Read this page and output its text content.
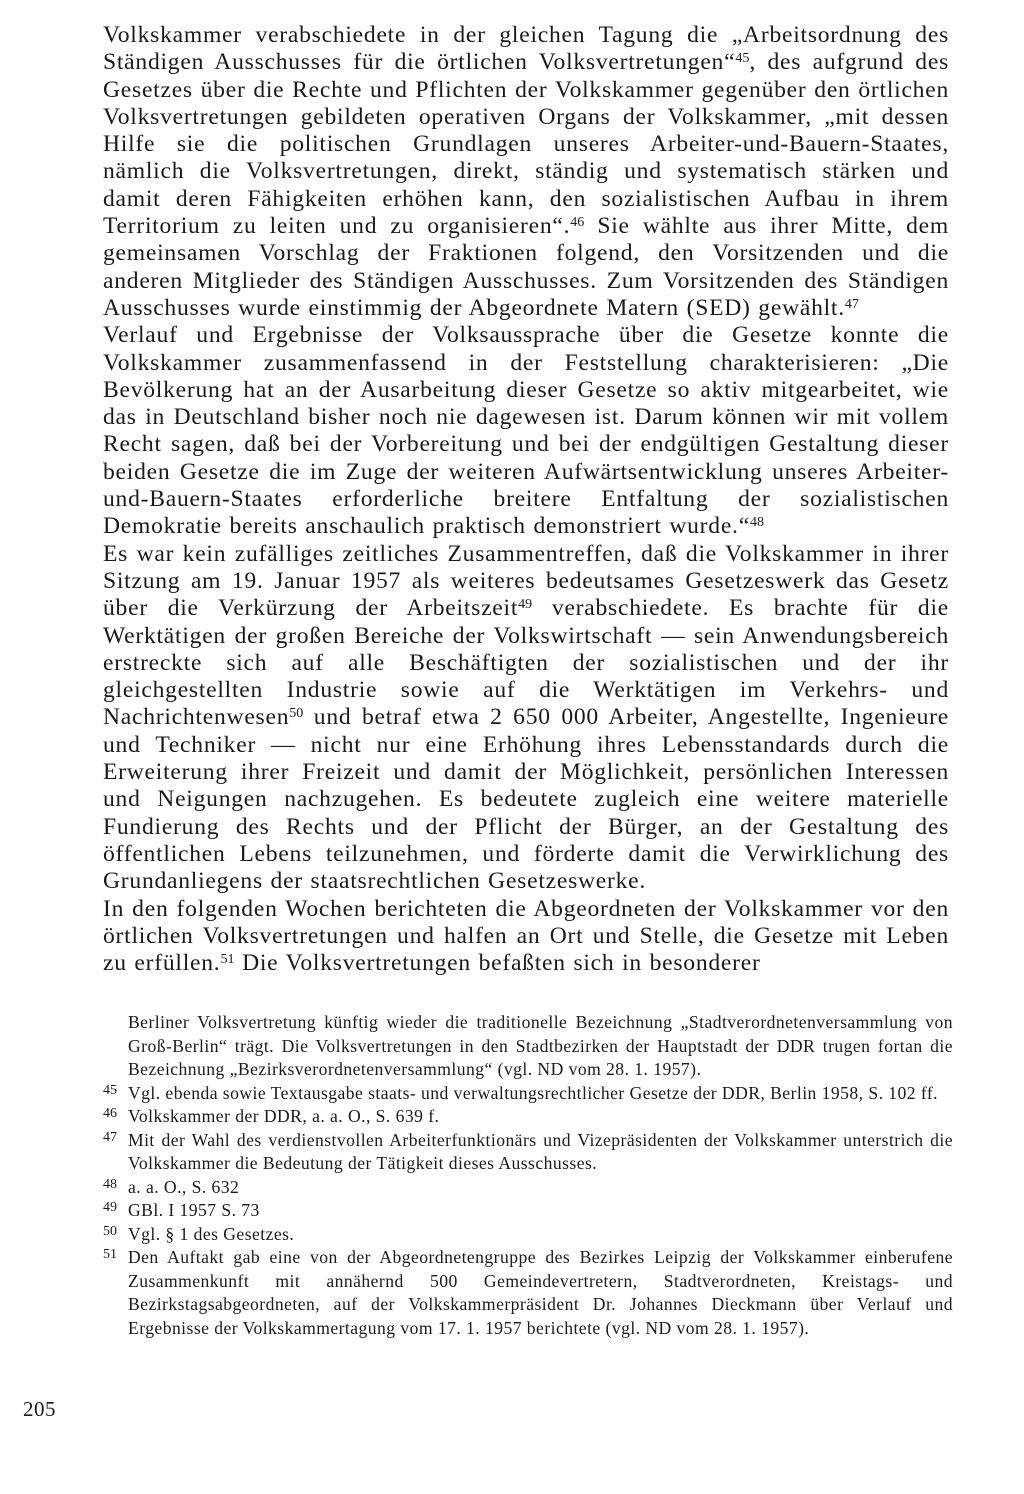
Volkskammer verabschiedete in der gleichen Tagung die „Arbeitsordnung des Ständigen Ausschusses für die örtlichen Volksvertretungen“$^{45}$, des aufgrund des Gesetzes über die Rechte und Pflichten der Volkskammer gegenüber den örtlichen Volksvertretungen gebildeten operativen Organs der Volkskammer, „mit dessen Hilfe sie die politischen Grundlagen unseres Arbeiter-und-Bauern-Staates, nämlich die Volksvertretungen, direkt, ständig und systematisch stärken und damit deren Fähigkeiten erhöhen kann, den sozialistischen Aufbau in ihrem Territorium zu leiten und zu organisieren“.$^{46}$ Sie wählte aus ihrer Mitte, dem gemeinsamen Vorschlag der Fraktionen folgend, den Vorsitzenden und die anderen Mitglieder des Ständigen Ausschusses. Zum Vorsitzenden des Ständigen Ausschusses wurde einstimmig der Abgeordnete Matern (SED) gewählt.$^{47}$

Verlauf und Ergebnisse der Volksaussprache über die Gesetze konnte die Volkskammer zusammenfassend in der Feststellung charakterisieren: „Die Bevölkerung hat an der Ausarbeitung dieser Gesetze so aktiv mitgearbeitet, wie das in Deutschland bisher noch nie dagewesen ist. Darum können wir mit vollem Recht sagen, daß bei der Vorbereitung und bei der endgültigen Gestaltung dieser beiden Gesetze die im Zuge der weiteren Aufwärtsentwicklung unseres Arbeiter-und-Bauern-Staates erforderliche breitere Entfaltung der sozialistischen Demokratie bereits anschaulich praktisch demonstriert wurde.“$^{48}$

Es war kein zufälliges zeitliches Zusammentreffen, daß die Volkskammer in ihrer Sitzung am 19. Januar 1957 als weiteres bedeutsames Gesetzeswerk das Gesetz über die Verkürzung der Arbeitszeit$^{49}$ verabschiedete. Es brachte für die Werktätigen der großen Bereiche der Volkswirtschaft — sein Anwendungsbereich erstreckte sich auf alle Beschäftigten der sozialistischen und der ihr gleichgestellten Industrie sowie auf die Werktätigen im Verkehrs- und Nachrichtenwesen$^{50}$ und betraf etwa 2 650 000 Arbeiter, Angestellte, Ingenieure und Techniker — nicht nur eine Erhöhung ihres Lebensstandards durch die Erweiterung ihrer Freizeit und damit der Möglichkeit, persönlichen Interessen und Neigungen nachzugehen. Es bedeutete zugleich eine weitere materielle Fundierung des Rechts und der Pflicht der Bürger, an der Gestaltung des öffentlichen Lebens teilzunehmen, und förderte damit die Verwirklichung des Grundanliegens der staatsrechtlichen Gesetzeswerke.

In den folgenden Wochen berichteten die Abgeordneten der Volkskammer vor den örtlichen Volksvertretungen und halfen an Ort und Stelle, die Gesetze mit Leben zu erfüllen.$^{51}$ Die Volksvertretungen befaßten sich in besonderer

Berliner Volksvertretung künftig wieder die traditionelle Bezeichnung „Stadtverordnetenversammlung von Groß-Berlin“ trägt. Die Volksvertretungen in den Stadtbezirken der Hauptstadt der DDR trugen fortan die Bezeichnung „Bezirksverordnetenversammlung“ (vgl. ND vom 28. 1. 1957).

45 Vgl. ebenda sowie Textausgabe staats- und verwaltungsrechtlicher Gesetze der DDR, Berlin 1958, S. 102 ff.

46 Volkskammer der DDR, a. a. O., S. 639 f.

47 Mit der Wahl des verdienstvollen Arbeiterfunktionärs und Vizepräsidenten der Volkskammer unterstrich die Volkskammer die Bedeutung der Tätigkeit dieses Ausschusses.

48 a. a. O., S. 632

49 GBl. I 1957 S. 73

50 Vgl. § 1 des Gesetzes.

51 Den Auftakt gab eine von der Abgeordnetengruppe des Bezirkes Leipzig der Volkskammer einberufene Zusammenkunft mit annähernd 500 Gemeindevertretern, Stadtverordneten, Kreistags- und Bezirkstagsabgeordneten, auf der Volkskammerpräsident Dr. Johannes Dieckmann über Verlauf und Ergebnisse der Volkskammertagung vom 17. 1. 1957 berichtete (vgl. ND vom 28. 1. 1957).

205
